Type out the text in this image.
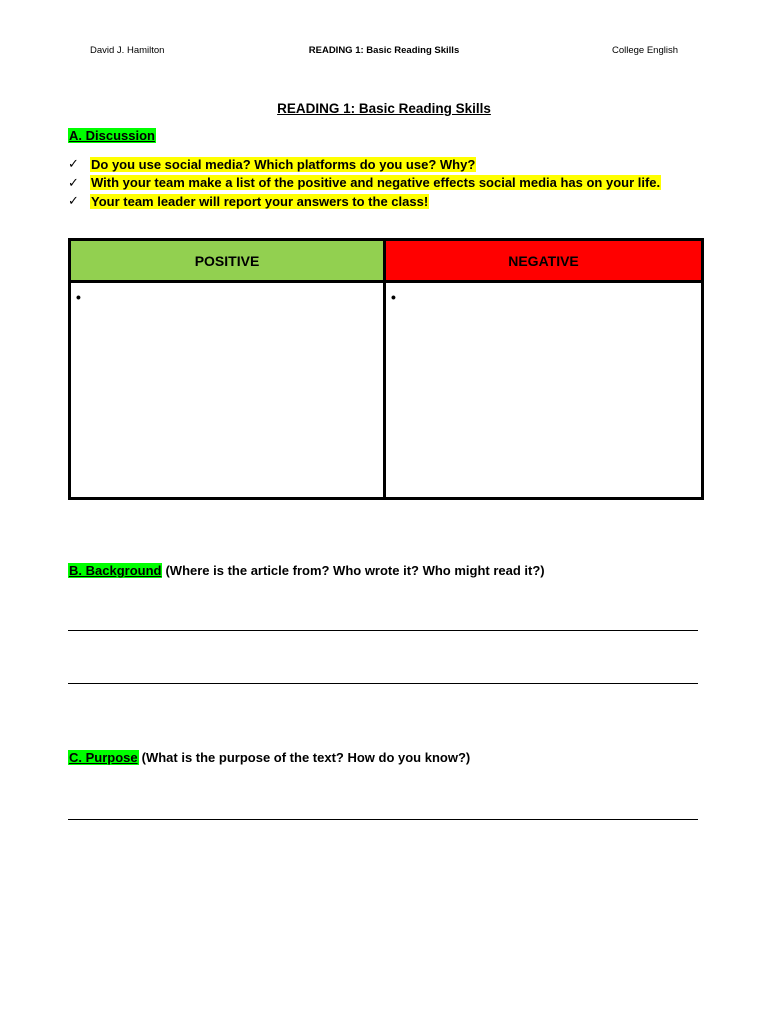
David J. Hamilton	READING 1: Basic Reading Skills	College English
READING 1: Basic Reading Skills
A. Discussion
✓ Do you use social media? Which platforms do you use? Why?
✓ With your team make a list of the positive and negative effects social media has on your life.
✓ Your team leader will report your answers to the class!
POSITIVE	NEGATIVE
•	•
B. Background (Where is the article from? Who wrote it? Who might read it?)
C. Purpose (What is the purpose of the text? How do you know?)
